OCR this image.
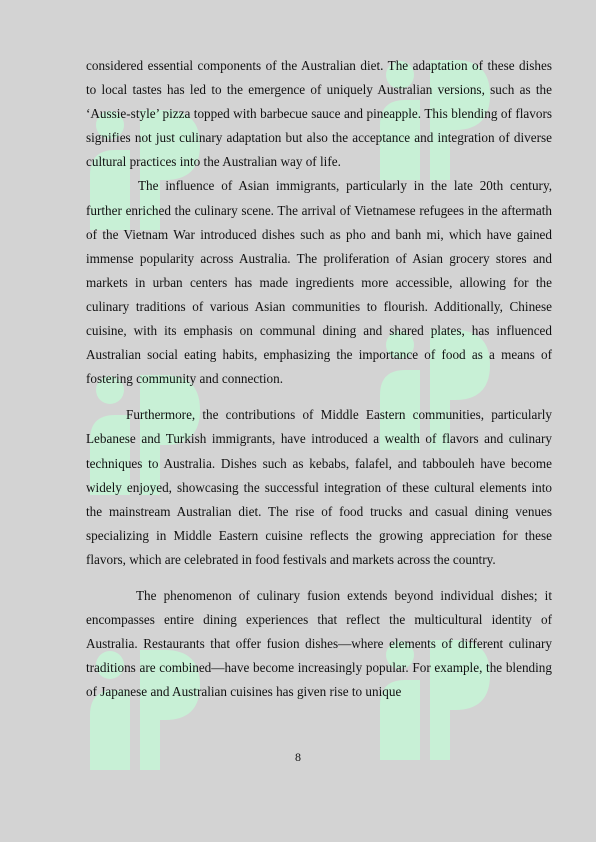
considered essential components of the Australian diet. The adaptation of these dishes to local tastes has led to the emergence of uniquely Australian versions, such as the ‘Aussie-style’ pizza topped with barbecue sauce and pineapple. This blending of flavors signifies not just culinary adaptation but also the acceptance and integration of diverse cultural practices into the Australian way of life.

The influence of Asian immigrants, particularly in the late 20th century, further enriched the culinary scene. The arrival of Vietnamese refugees in the aftermath of the Vietnam War introduced dishes such as pho and banh mi, which have gained immense popularity across Australia. The proliferation of Asian grocery stores and markets in urban centers has made ingredients more accessible, allowing for the culinary traditions of various Asian communities to flourish. Additionally, Chinese cuisine, with its emphasis on communal dining and shared plates, has influenced Australian social eating habits, emphasizing the importance of food as a means of fostering community and connection.

Furthermore, the contributions of Middle Eastern communities, particularly Lebanese and Turkish immigrants, have introduced a wealth of flavors and culinary techniques to Australia. Dishes such as kebabs, falafel, and tabbouleh have become widely enjoyed, showcasing the successful integration of these cultural elements into the mainstream Australian diet. The rise of food trucks and casual dining venues specializing in Middle Eastern cuisine reflects the growing appreciation for these flavors, which are celebrated in food festivals and markets across the country.

The phenomenon of culinary fusion extends beyond individual dishes; it encompasses entire dining experiences that reflect the multicultural identity of Australia. Restaurants that offer fusion dishes—where elements of different culinary traditions are combined—have become increasingly popular. For example, the blending of Japanese and Australian cuisines has given rise to unique

8
